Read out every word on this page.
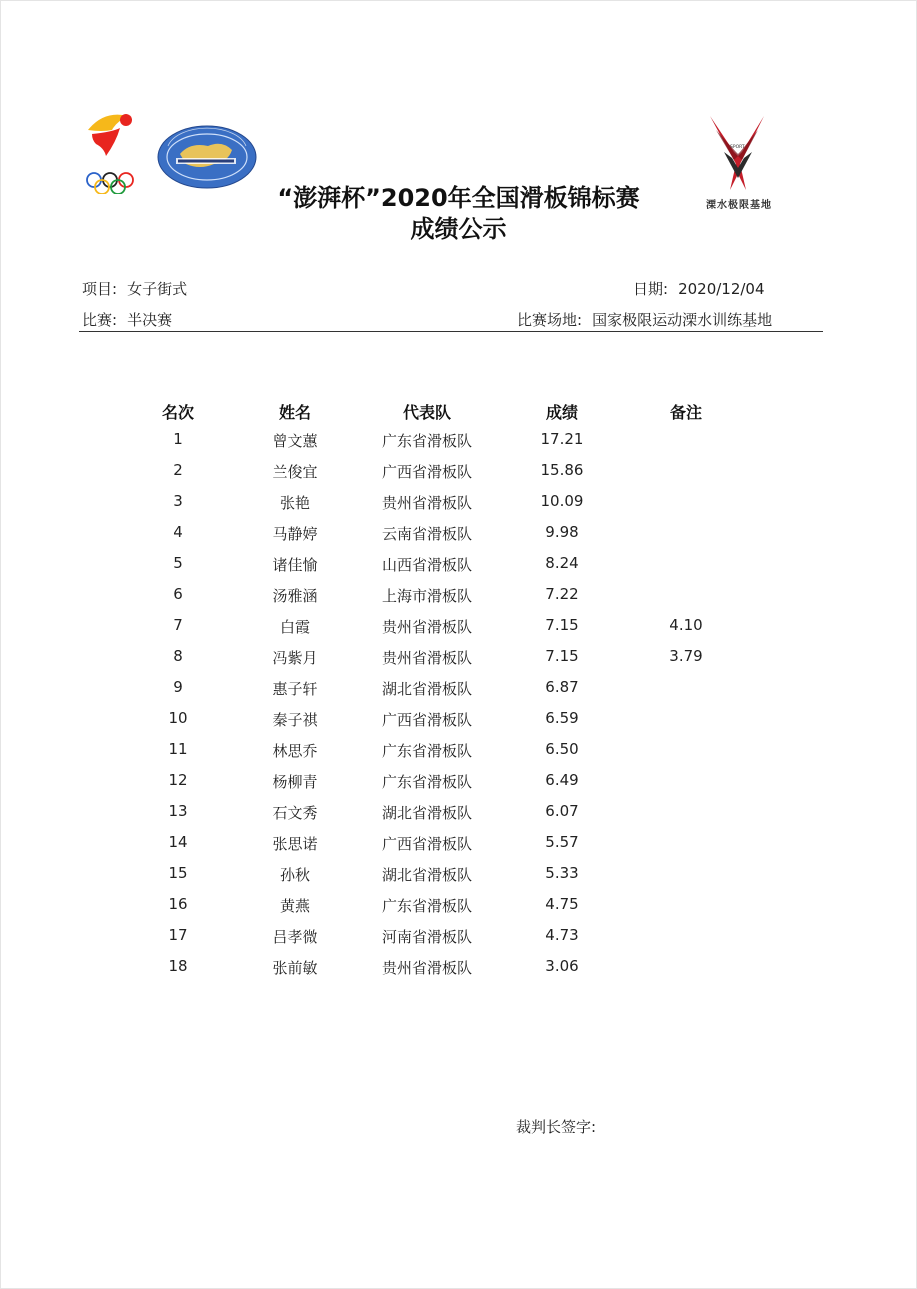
SPORT
溧水极限基地
“澎湃杯”2020年全国滑板锦标赛
成绩公示
项目: 女子街式	日期: 2020/12/04
比赛: 半决赛	比赛场地: 国家极限运动溧水训练基地
名次	姓名	代表队	成绩	备注
1	曾文蕙	广东省滑板队	17.21
2	兰俊宜	广西省滑板队	15.86
3	张艳	贵州省滑板队	10.09
4	马静婷	云南省滑板队	9.98
5	诸佳愉	山西省滑板队	8.24
6	汤雅涵	上海市滑板队	7.22
7	白霞	贵州省滑板队	7.15	4.10
8	冯紫月	贵州省滑板队	7.15	3.79
9	惠子轩	湖北省滑板队	6.87
10	秦子祺	广西省滑板队	6.59
11	林思乔	广东省滑板队	6.50
12	杨柳青	广东省滑板队	6.49
13	石文秀	湖北省滑板队	6.07
14	张思诺	广西省滑板队	5.57
15	孙秋	湖北省滑板队	5.33
16	黄燕	广东省滑板队	4.75
17	吕孝微	河南省滑板队	4.73
18	张前敏	贵州省滑板队	3.06
裁判长签字:
